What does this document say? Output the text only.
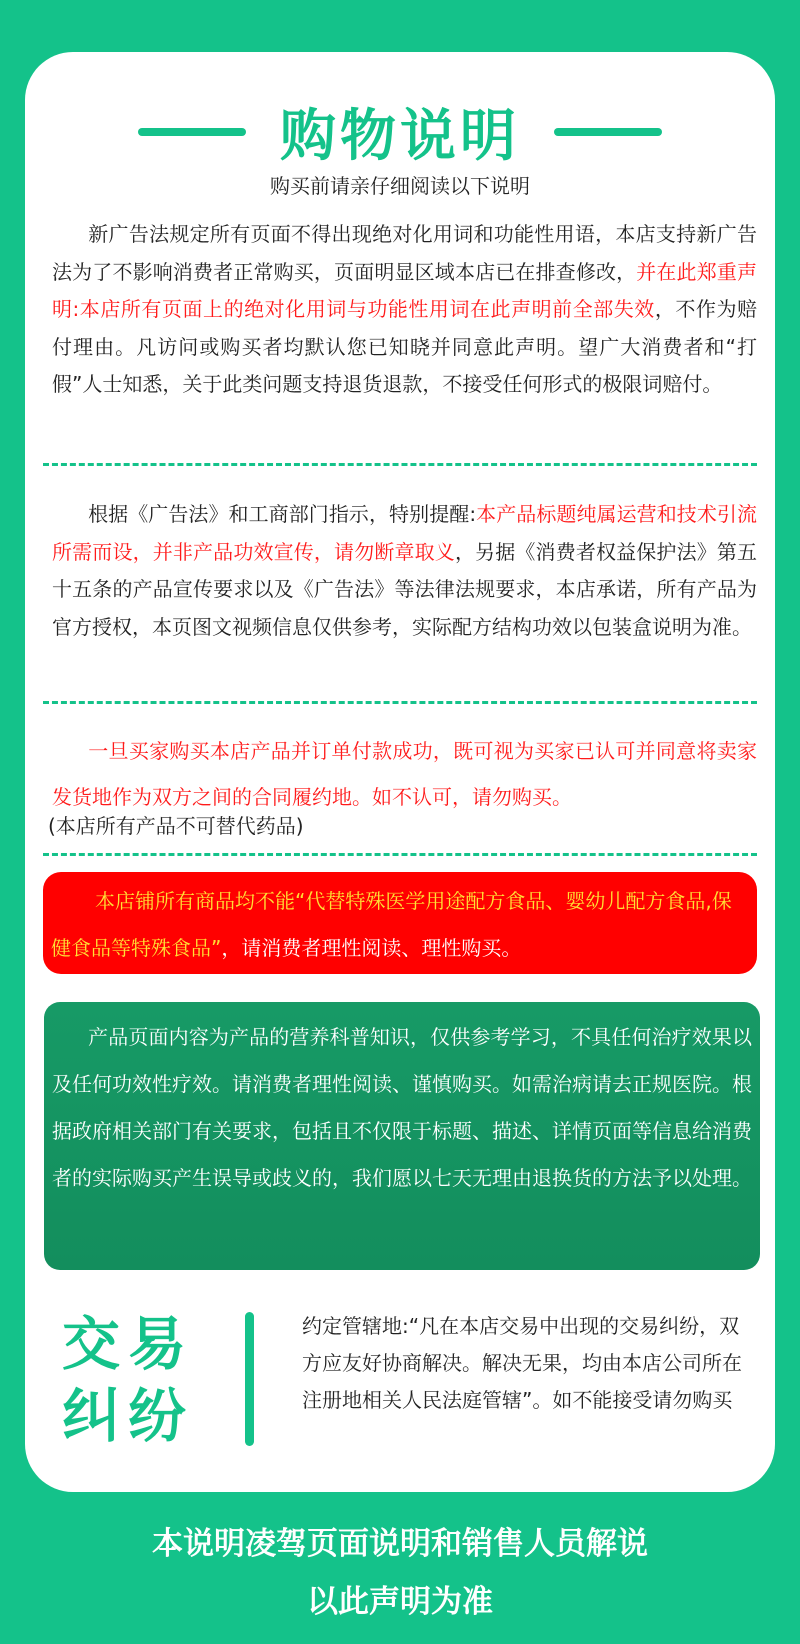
购物说明
购买前请亲仔细阅读以下说明
新广告法规定所有页面不得出现绝对化用词和功能性用语，本店支持新广告法为了不影响消费者正常购买，页面明显区域本店已在排查修改，并在此郑重声明:本店所有页面上的绝对化用词与功能性用词在此声明前全部失效，不作为赔付理由。凡访问或购买者均默认您已知晓并同意此声明。望广大消费者和“打假”人士知悉，关于此类问题支持退货退款，不接受任何形式的极限词赔付。
根据《广告法》和工商部门指示，特别提醒:本产品标题纯属运营和技术引流所需而设，并非产品功效宣传，请勿断章取义，另据《消费者权益保护法》第五十五条的产品宣传要求以及《广告法》等法律法规要求，本店承诺，所有产品为官方授权，本页图文视频信息仅供参考，实际配方结构功效以包装盒说明为准。
一旦买家购买本店产品并订单付款成功，既可视为买家已认可并同意将卖家发货地作为双方之间的合同履约地。如不认可，请勿购买。
(本店所有产品不可替代药品)
本店铺所有商品均不能“代替特殊医学用途配方食品、婴幼儿配方食品,保健食品等特殊食品”，请消费者理性阅读、理性购买。
产品页面内容为产品的营养科普知识，仅供参考学习，不具任何治疗效果以及任何功效性疗效。请消费者理性阅读、谨慎购买。如需治病请去正规医院。根据政府相关部门有关要求，包括且不仅限于标题、描述、详情页面等信息给消费者的实际购买产生误导或歧义的，我们愿以七天无理由退换货的方法予以处理。
交易
纠纷
约定管辖地:“凡在本店交易中出现的交易纠纷，双方应友好协商解决。解决无果，均由本店公司所在注册地相关人民法庭管辖”。如不能接受请勿购买
本说明凌驾页面说明和销售人员解说
以此声明为准
